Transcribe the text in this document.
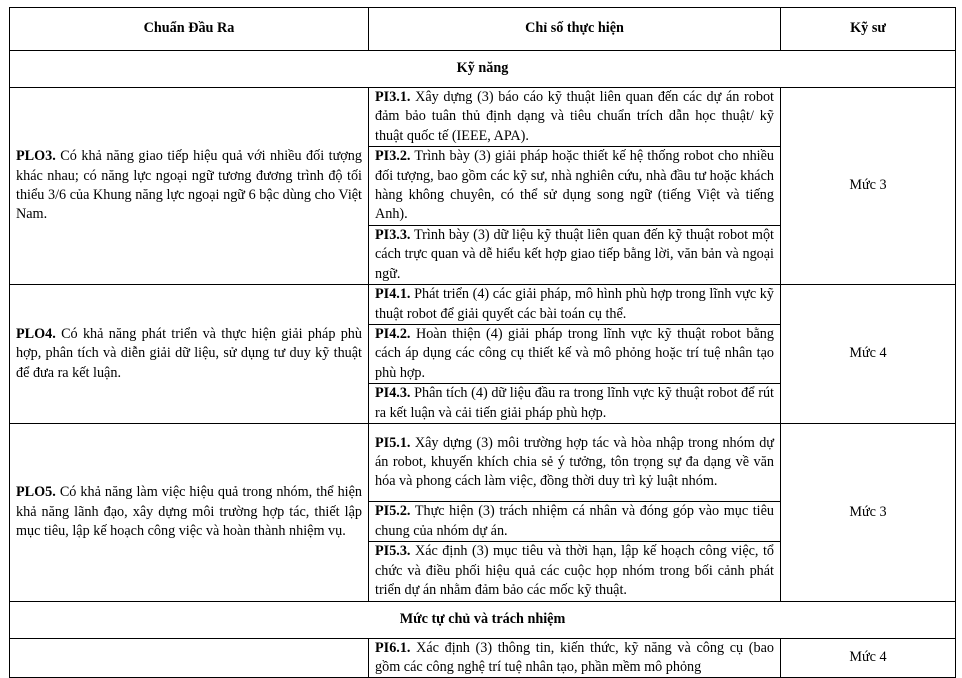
Chuẩn Đầu Ra	Chỉ số thực hiện	Kỹ sư
Kỹ năng		
PLO3. Có khả năng giao tiếp hiệu quả với nhiều đối tượng khác nhau; có năng lực ngoại ngữ tương đương trình độ tối thiểu 3/6 của Khung năng lực ngoại ngữ 6 bậc dùng cho Việt Nam.	PI3.1. Xây dựng (3) báo cáo kỹ thuật liên quan đến các dự án robot đảm bảo tuân thủ định dạng và tiêu chuẩn trích dẫn học thuật/ kỹ thuật quốc tế (IEEE, APA).	Mức 3
	PI3.2. Trình bày (3) giải pháp hoặc thiết kế hệ thống robot cho nhiều đối tượng, bao gồm các kỹ sư, nhà nghiên cứu, nhà đầu tư hoặc khách hàng không chuyên, có thể sử dụng song ngữ (tiếng Việt và tiếng Anh).	
	PI3.3. Trình bày (3) dữ liệu kỹ thuật liên quan đến kỹ thuật robot một cách trực quan và dễ hiểu kết hợp giao tiếp bằng lời, văn bản và ngoại ngữ.	
PLO4. Có khả năng phát triển và thực hiện giải pháp phù hợp, phân tích và diễn giải dữ liệu, sử dụng tư duy kỹ thuật để đưa ra kết luận.	PI4.1. Phát triển (4) các giải pháp, mô hình phù hợp trong lĩnh vực kỹ thuật robot để giải quyết các bài toán cụ thể.	Mức 4
	PI4.2. Hoàn thiện (4) giải pháp trong lĩnh vực kỹ thuật robot bằng cách áp dụng các công cụ thiết kế và mô phỏng hoặc trí tuệ nhân tạo phù hợp.	
	PI4.3. Phân tích (4) dữ liệu đầu ra trong lĩnh vực kỹ thuật robot để rút ra kết luận và cải tiến giải pháp phù hợp.	
PLO5. Có khả năng làm việc hiệu quả trong nhóm, thể hiện khả năng lãnh đạo, xây dựng môi trường hợp tác, thiết lập mục tiêu, lập kế hoạch công việc và hoàn thành nhiệm vụ.	PI5.1. Xây dựng (3) môi trường hợp tác và hòa nhập trong nhóm dự án robot, khuyến khích chia sẻ ý tưởng, tôn trọng sự đa dạng về văn hóa và phong cách làm việc, đồng thời duy trì kỷ luật nhóm.	Mức 3
	PI5.2. Thực hiện (3) trách nhiệm cá nhân và đóng góp vào mục tiêu chung của nhóm dự án.	
	PI5.3. Xác định (3) mục tiêu và thời hạn, lập kế hoạch công việc, tổ chức và điều phối hiệu quả các cuộc họp nhóm trong bối cảnh phát triển dự án nhằm đảm bảo các mốc kỹ thuật.	
Mức tự chủ và trách nhiệm		

	PI6.1. Xác định (3) thông tin, kiến thức, kỹ năng và công cụ (bao gồm các công nghệ trí tuệ nhân tạo, phần mềm mô phỏng	Mức 4
